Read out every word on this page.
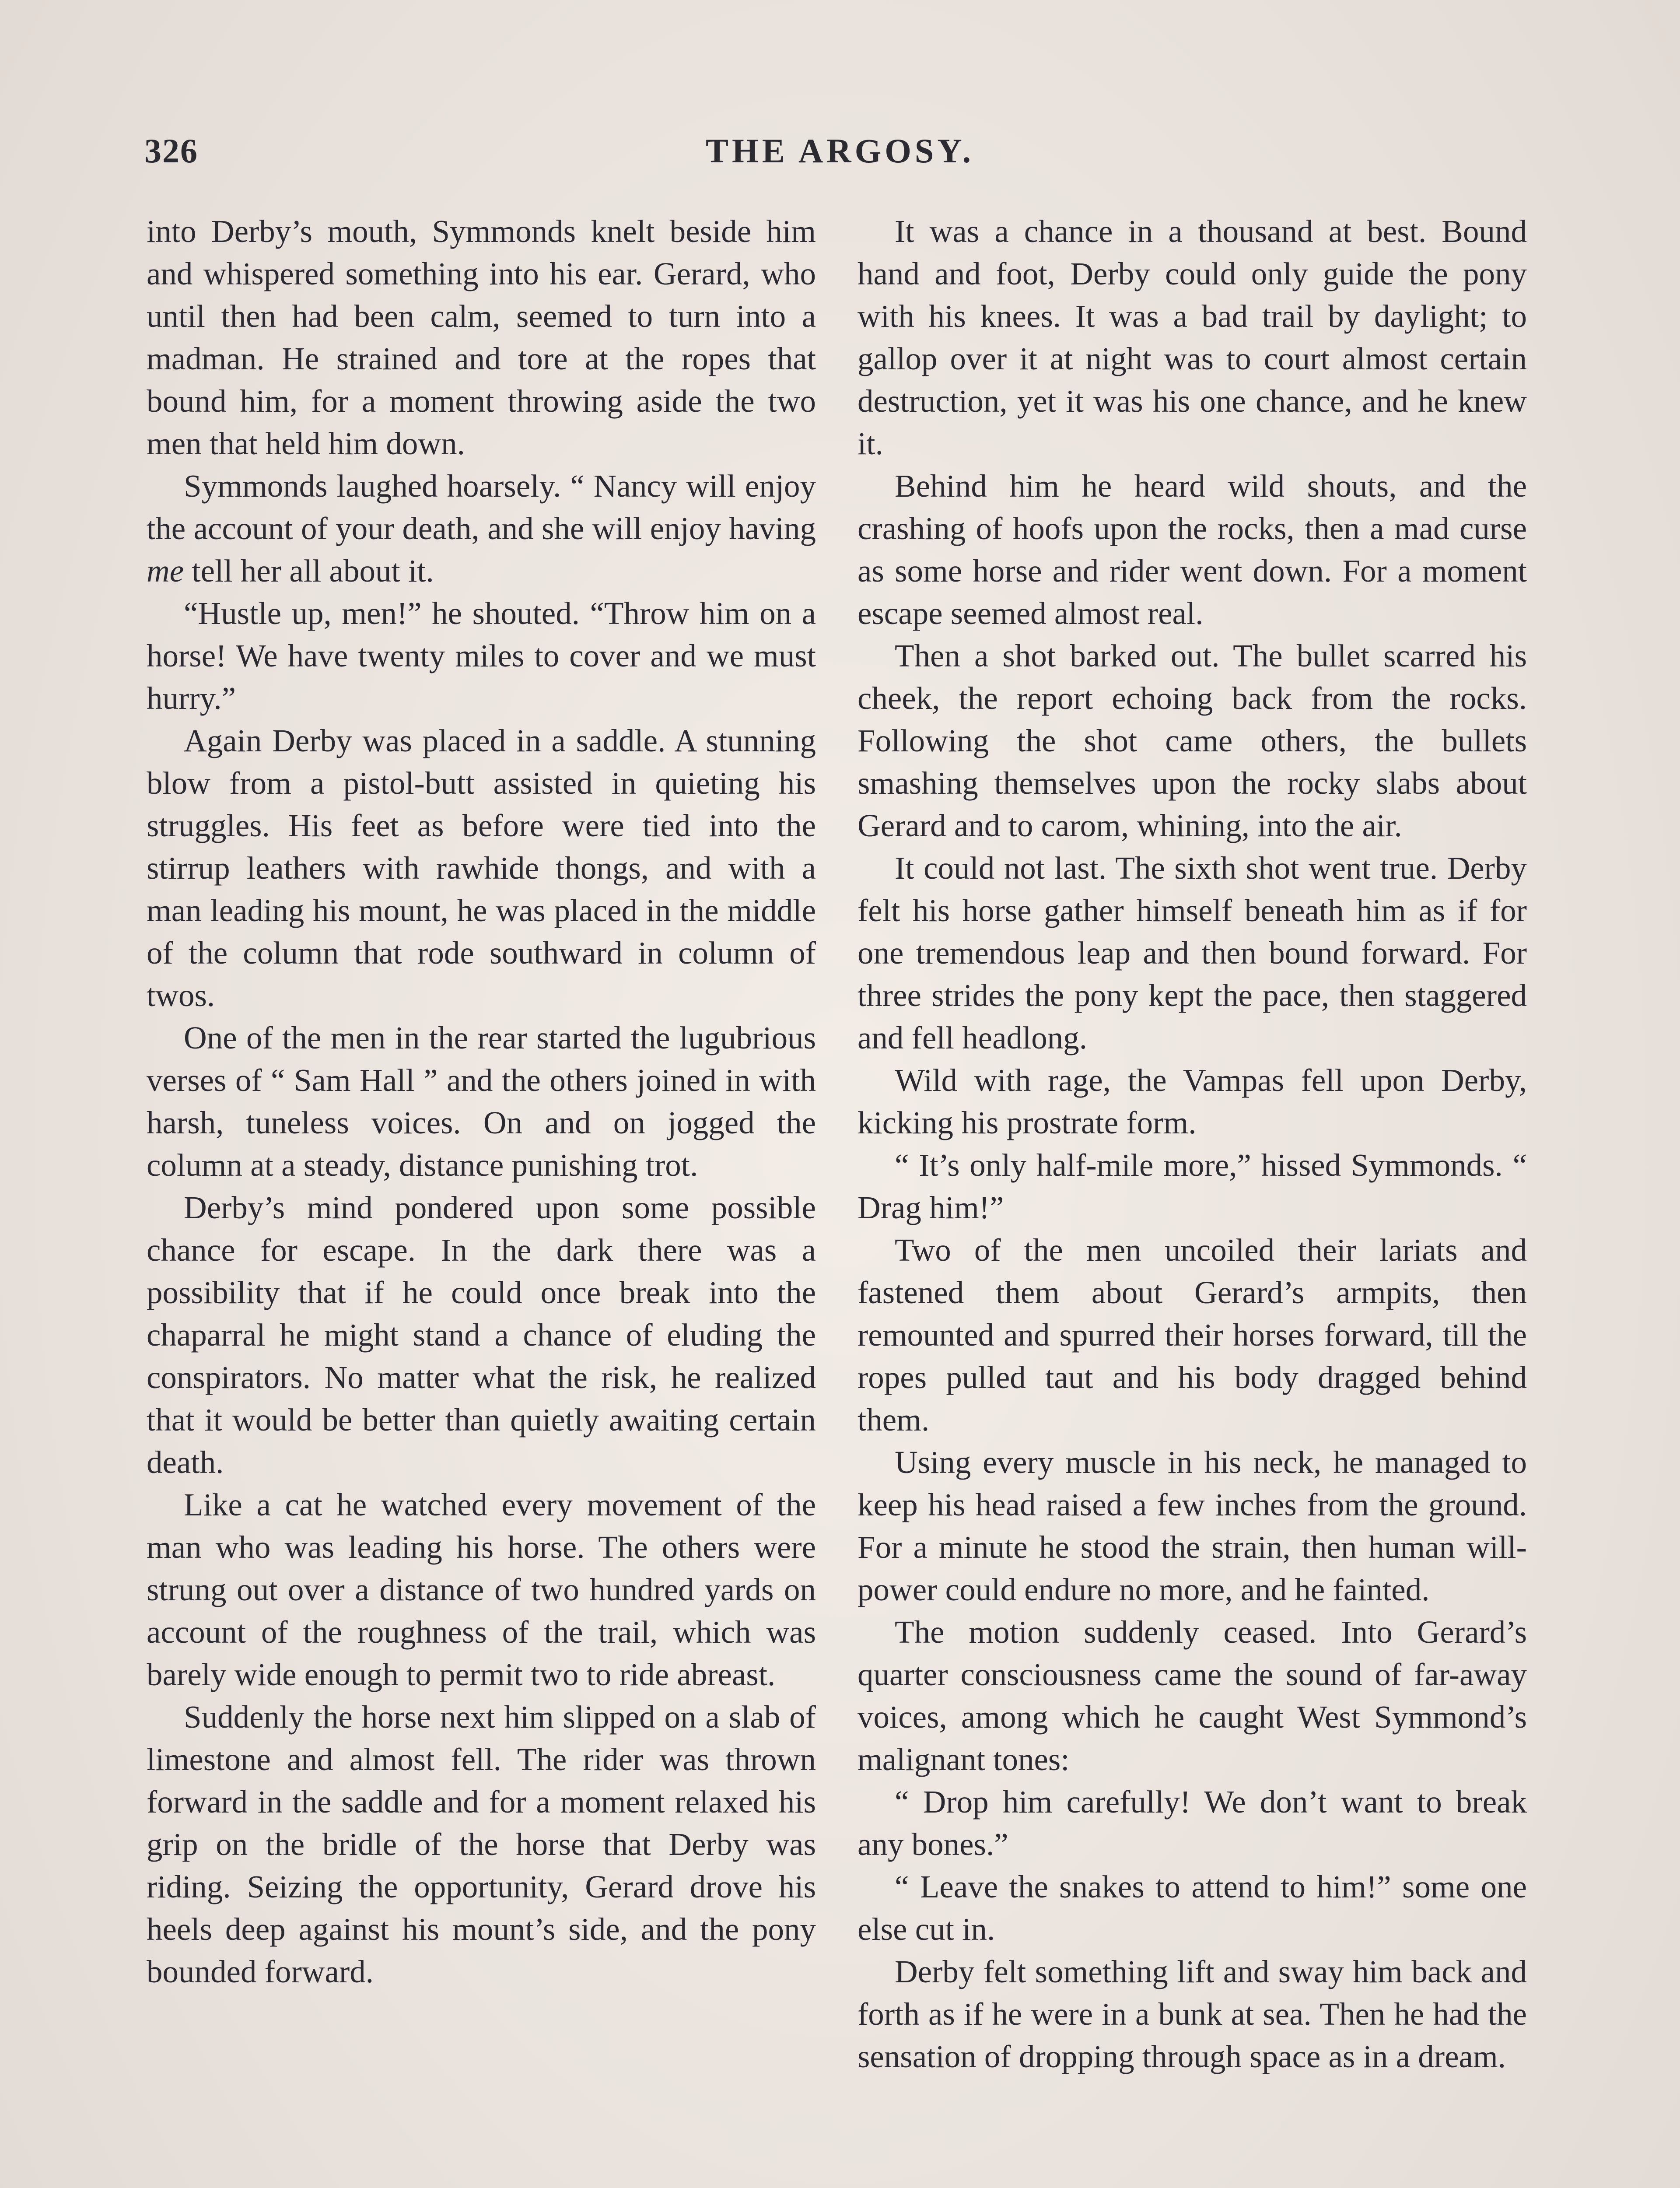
326	THE ARGOSY.

into Derby’s mouth, Symmonds knelt beside him and whispered something into his ear. Gerard, who until then had been calm, seemed to turn into a madman. He strained and tore at the ropes that bound him, for a moment throwing aside the two men that held him down.

Symmonds laughed hoarsely. “ Nancy will enjoy the account of your death, and she will enjoy having me tell her all about it.

“Hustle up, men!” he shouted. “Throw him on a horse! We have twenty miles to cover and we must hurry.”

Again Derby was placed in a saddle. A stunning blow from a pistol-butt assisted in quieting his struggles. His feet as before were tied into the stirrup leathers with rawhide thongs, and with a man leading his mount, he was placed in the middle of the column that rode southward in column of twos.

One of the men in the rear started the lugubrious verses of “ Sam Hall ” and the others joined in with harsh, tuneless voices. On and on jogged the column at a steady, distance punishing trot.

Derby’s mind pondered upon some possible chance for escape. In the dark there was a possibility that if he could once break into the chaparral he might stand a chance of eluding the conspirators. No matter what the risk, he realized that it would be better than quietly awaiting certain death.

Like a cat he watched every movement of the man who was leading his horse. The others were strung out over a distance of two hundred yards on account of the roughness of the trail, which was barely wide enough to permit two to ride abreast.

Suddenly the horse next him slipped on a slab of limestone and almost fell. The rider was thrown forward in the saddle and for a moment relaxed his grip on the bridle of the horse that Derby was riding. Seizing the opportunity, Gerard drove his heels deep against his mount’s side, and the pony bounded forward.

It was a chance in a thousand at best. Bound hand and foot, Derby could only guide the pony with his knees. It was a bad trail by daylight; to gallop over it at night was to court almost certain destruction, yet it was his one chance, and he knew it.

Behind him he heard wild shouts, and the crashing of hoofs upon the rocks, then a mad curse as some horse and rider went down. For a moment escape seemed almost real.

Then a shot barked out. The bullet scarred his cheek, the report echoing back from the rocks. Following the shot came others, the bullets smashing themselves upon the rocky slabs about Gerard and to carom, whining, into the air.

It could not last. The sixth shot went true. Derby felt his horse gather himself beneath him as if for one tremendous leap and then bound forward. For three strides the pony kept the pace, then staggered and fell headlong.

Wild with rage, the Vampas fell upon Derby, kicking his prostrate form.

“ It’s only half-mile more,” hissed Symmonds. “ Drag him!”

Two of the men uncoiled their lariats and fastened them about Gerard’s armpits, then remounted and spurred their horses forward, till the ropes pulled taut and his body dragged behind them.

Using every muscle in his neck, he managed to keep his head raised a few inches from the ground. For a minute he stood the strain, then human will-power could endure no more, and he fainted.

The motion suddenly ceased. Into Gerard’s quarter consciousness came the sound of far-away voices, among which he caught West Symmond’s malignant tones:

“ Drop him carefully! We don’t want to break any bones.”

“ Leave the snakes to attend to him!” some one else cut in.

Derby felt something lift and sway him back and forth as if he were in a bunk at sea. Then he had the sensation of dropping through space as in a dream.
